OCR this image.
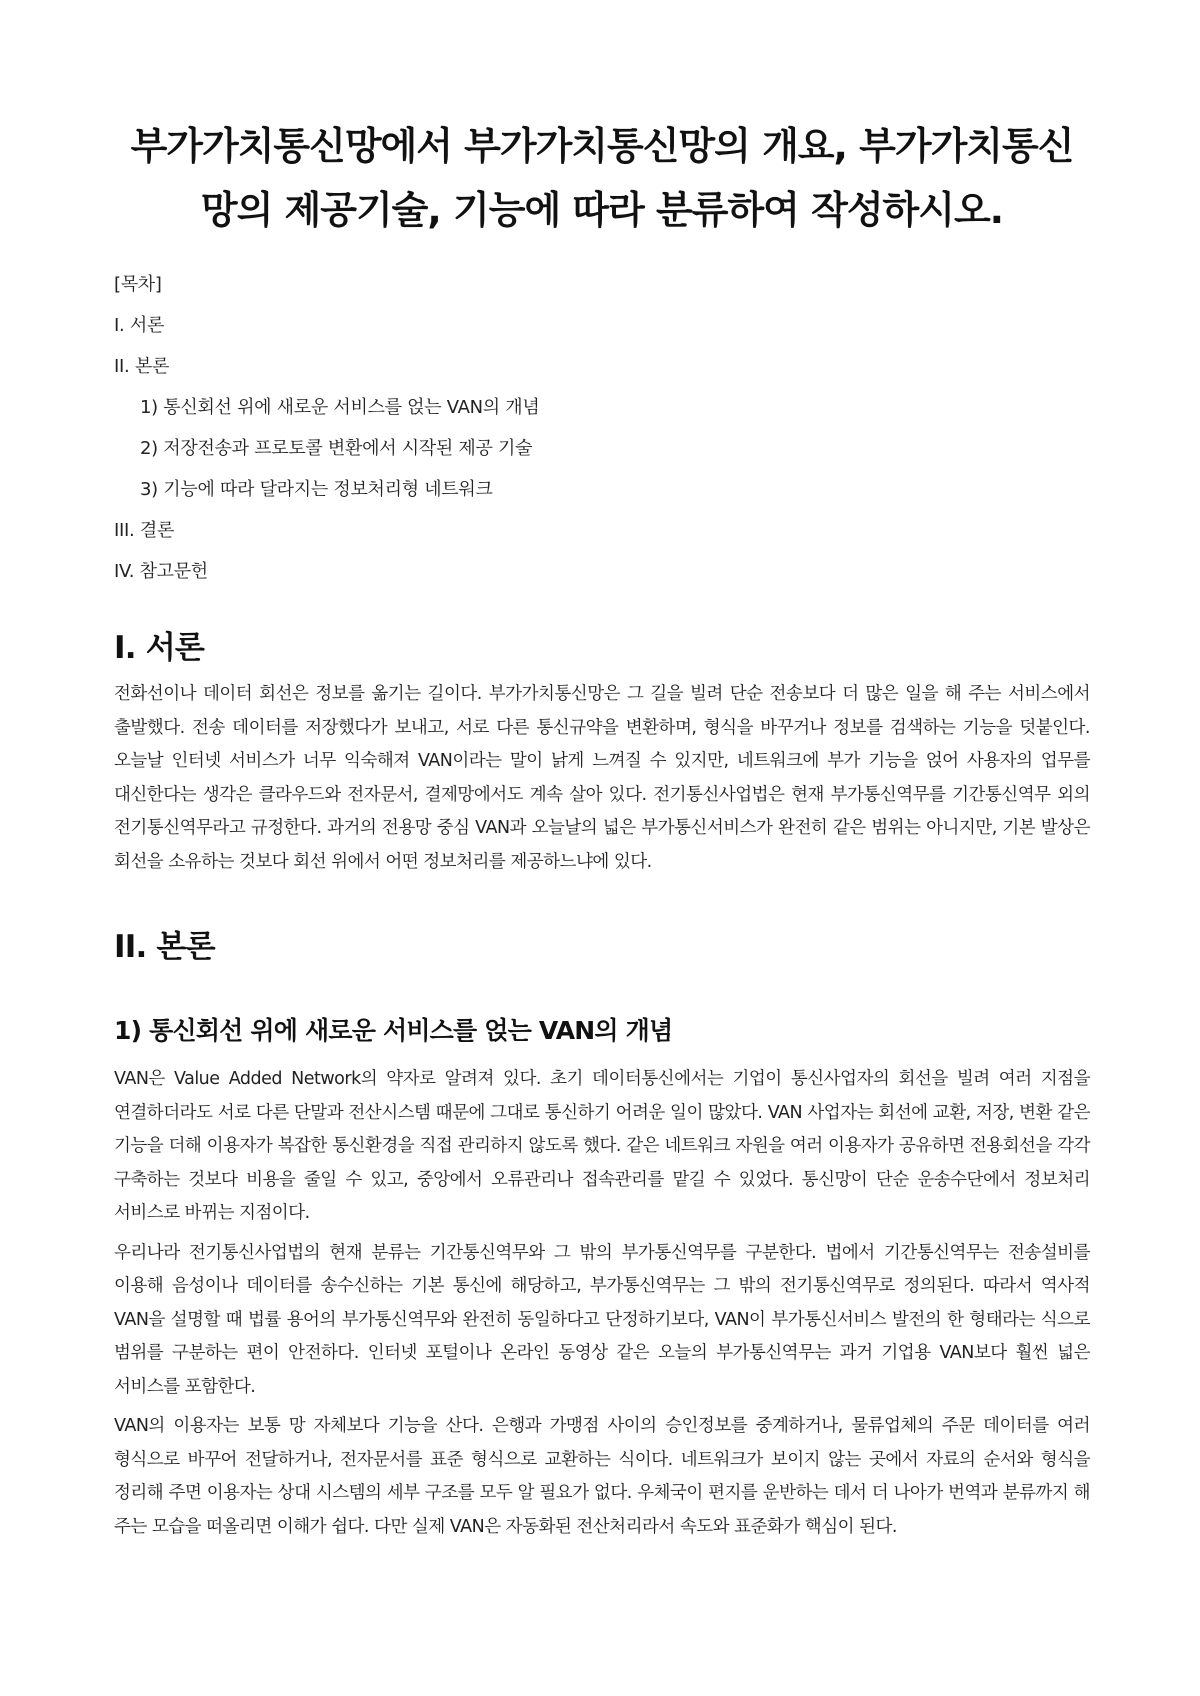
부가가치통신망에서 부가가치통신망의 개요, 부가가치통신망의 제공기술, 기능에 따라 분류하여 작성하시오.
[목차]
I. 서론
II. 본론
1) 통신회선 위에 새로운 서비스를 얹는 VAN의 개념
2) 저장전송과 프로토콜 변환에서 시작된 제공 기술
3) 기능에 따라 달라지는 정보처리형 네트워크
III. 결론
IV. 참고문헌
I. 서론

전화선이나 데이터 회선은 정보를 옮기는 길이다. 부가가치통신망은 그 길을 빌려 단순 전송보다 더 많은 일을 해 주는 서비스에서 출발했다. 전송 데이터를 저장했다가 보내고, 서로 다른 통신규약을 변환하며, 형식을 바꾸거나 정보를 검색하는 기능을 덧붙인다. 오늘날 인터넷 서비스가 너무 익숙해져 VAN이라는 말이 낡게 느껴질 수 있지만, 네트워크에 부가 기능을 얹어 사용자의 업무를 대신한다는 생각은 클라우드와 전자문서, 결제망에서도 계속 살아 있다. 전기통신사업법은 현재 부가통신역무를 기간통신역무 외의 전기통신역무라고 규정한다. 과거의 전용망 중심 VAN과 오늘날의 넓은 부가통신서비스가 완전히 같은 범위는 아니지만, 기본 발상은 회선을 소유하는 것보다 회선 위에서 어떤 정보처리를 제공하느냐에 있다.

II. 본론
1) 통신회선 위에 새로운 서비스를 얹는 VAN의 개념

VAN은 Value Added Network의 약자로 알려져 있다. 초기 데이터통신에서는 기업이 통신사업자의 회선을 빌려 여러 지점을 연결하더라도 서로 다른 단말과 전산시스템 때문에 그대로 통신하기 어려운 일이 많았다. VAN 사업자는 회선에 교환, 저장, 변환 같은 기능을 더해 이용자가 복잡한 통신환경을 직접 관리하지 않도록 했다. 같은 네트워크 자원을 여러 이용자가 공유하면 전용회선을 각각 구축하는 것보다 비용을 줄일 수 있고, 중앙에서 오류관리나 접속관리를 맡길 수 있었다. 통신망이 단순 운송수단에서 정보처리 서비스로 바뀌는 지점이다.

우리나라 전기통신사업법의 현재 분류는 기간통신역무와 그 밖의 부가통신역무를 구분한다. 법에서 기간통신역무는 전송설비를 이용해 음성이나 데이터를 송수신하는 기본 통신에 해당하고, 부가통신역무는 그 밖의 전기통신역무로 정의된다. 따라서 역사적 VAN을 설명할 때 법률 용어의 부가통신역무와 완전히 동일하다고 단정하기보다, VAN이 부가통신서비스 발전의 한 형태라는 식으로 범위를 구분하는 편이 안전하다. 인터넷 포털이나 온라인 동영상 같은 오늘의 부가통신역무는 과거 기업용 VAN보다 훨씬 넓은 서비스를 포함한다.

VAN의 이용자는 보통 망 자체보다 기능을 산다. 은행과 가맹점 사이의 승인정보를 중계하거나, 물류업체의 주문 데이터를 여러 형식으로 바꾸어 전달하거나, 전자문서를 표준 형식으로 교환하는 식이다. 네트워크가 보이지 않는 곳에서 자료의 순서와 형식을 정리해 주면 이용자는 상대 시스템의 세부 구조를 모두 알 필요가 없다. 우체국이 편지를 운반하는 데서 더 나아가 번역과 분류까지 해 주는 모습을 떠올리면 이해가 쉽다. 다만 실제 VAN은 자동화된 전산처리라서 속도와 표준화가 핵심이 된다.
